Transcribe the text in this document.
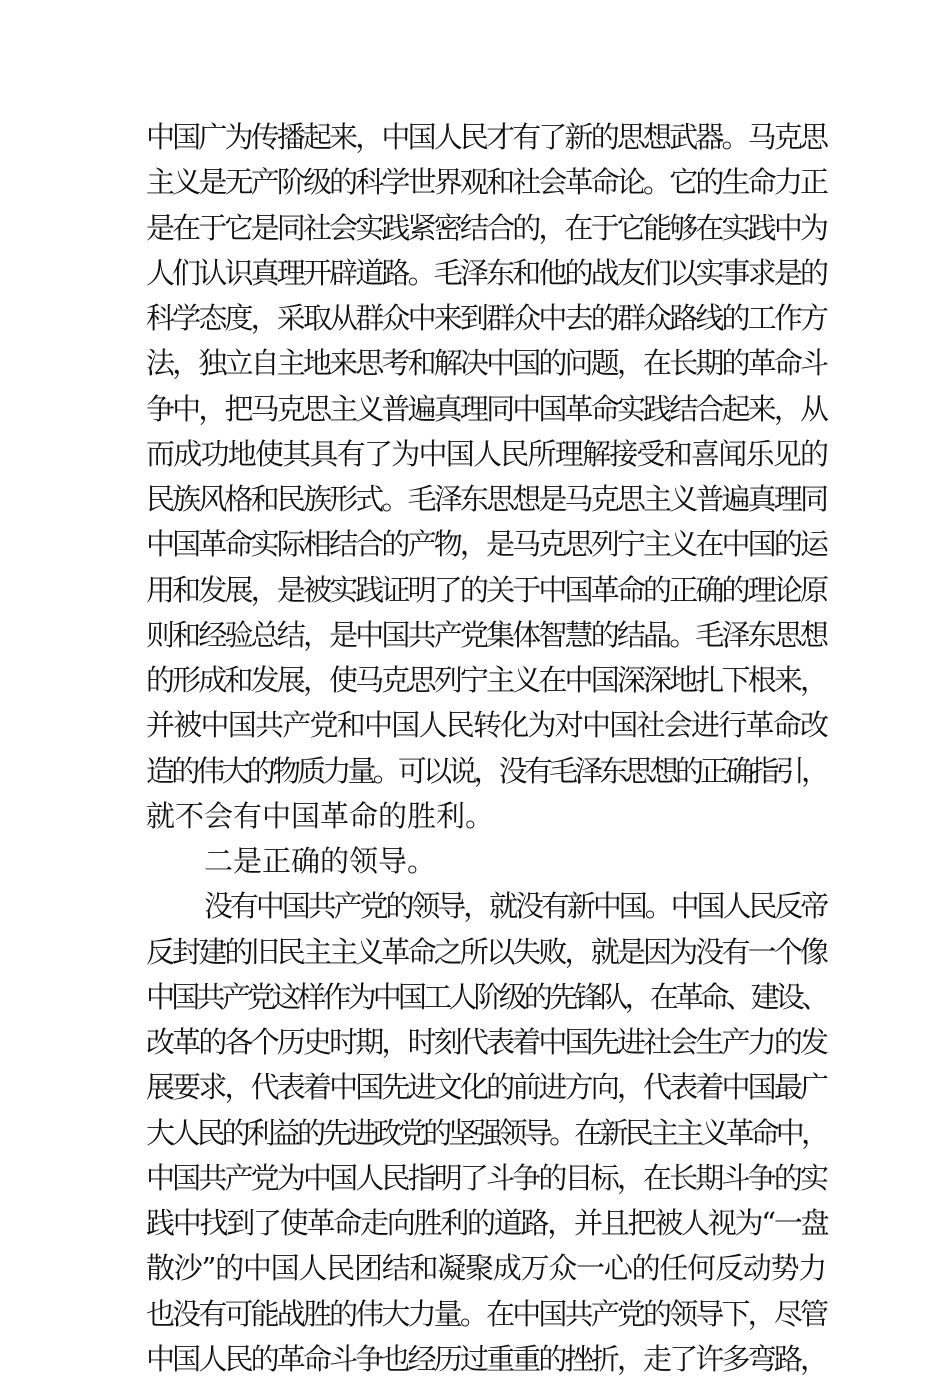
中国广为传播起来，中国人民才有了新的思想武器。马克思
主义是无产阶级的科学世界观和社会革命论。它的生命力正
是在于它是同社会实践紧密结合的，在于它能够在实践中为
人们认识真理开辟道路。毛泽东和他的战友们以实事求是的
科学态度，采取从群众中来到群众中去的群众路线的工作方
法，独立自主地来思考和解决中国的问题，在长期的革命斗
争中，把马克思主义普遍真理同中国革命实践结合起来，从
而成功地使其具有了为中国人民所理解接受和喜闻乐见的
民族风格和民族形式。毛泽东思想是马克思主义普遍真理同
中国革命实际相结合的产物，是马克思列宁主义在中国的运
用和发展，是被实践证明了的关于中国革命的正确的理论原
则和经验总结，是中国共产党集体智慧的结晶。毛泽东思想
的形成和发展，使马克思列宁主义在中国深深地扎下根来，
并被中国共产党和中国人民转化为对中国社会进行革命改
造的伟大的物质力量。可以说，没有毛泽东思想的正确指引，
就不会有中国革命的胜利。
二是正确的领导。
没有中国共产党的领导，就没有新中国。中国人民反帝
反封建的旧民主主义革命之所以失败，就是因为没有一个像
中国共产党这样作为中国工人阶级的先锋队，在革命、建设、
改革的各个历史时期，时刻代表着中国先进社会生产力的发
展要求，代表着中国先进文化的前进方向，代表着中国最广
大人民的利益的先进政党的坚强领导。在新民主主义革命中，
中国共产党为中国人民指明了斗争的目标，在长期斗争的实
践中找到了使革命走向胜利的道路，并且把被人视为“一盘
散沙”的中国人民团结和凝聚成万众一心的任何反动势力
也没有可能战胜的伟大力量。在中国共产党的领导下，尽管
中国人民的革命斗争也经历过重重的挫折，走了许多弯路，
